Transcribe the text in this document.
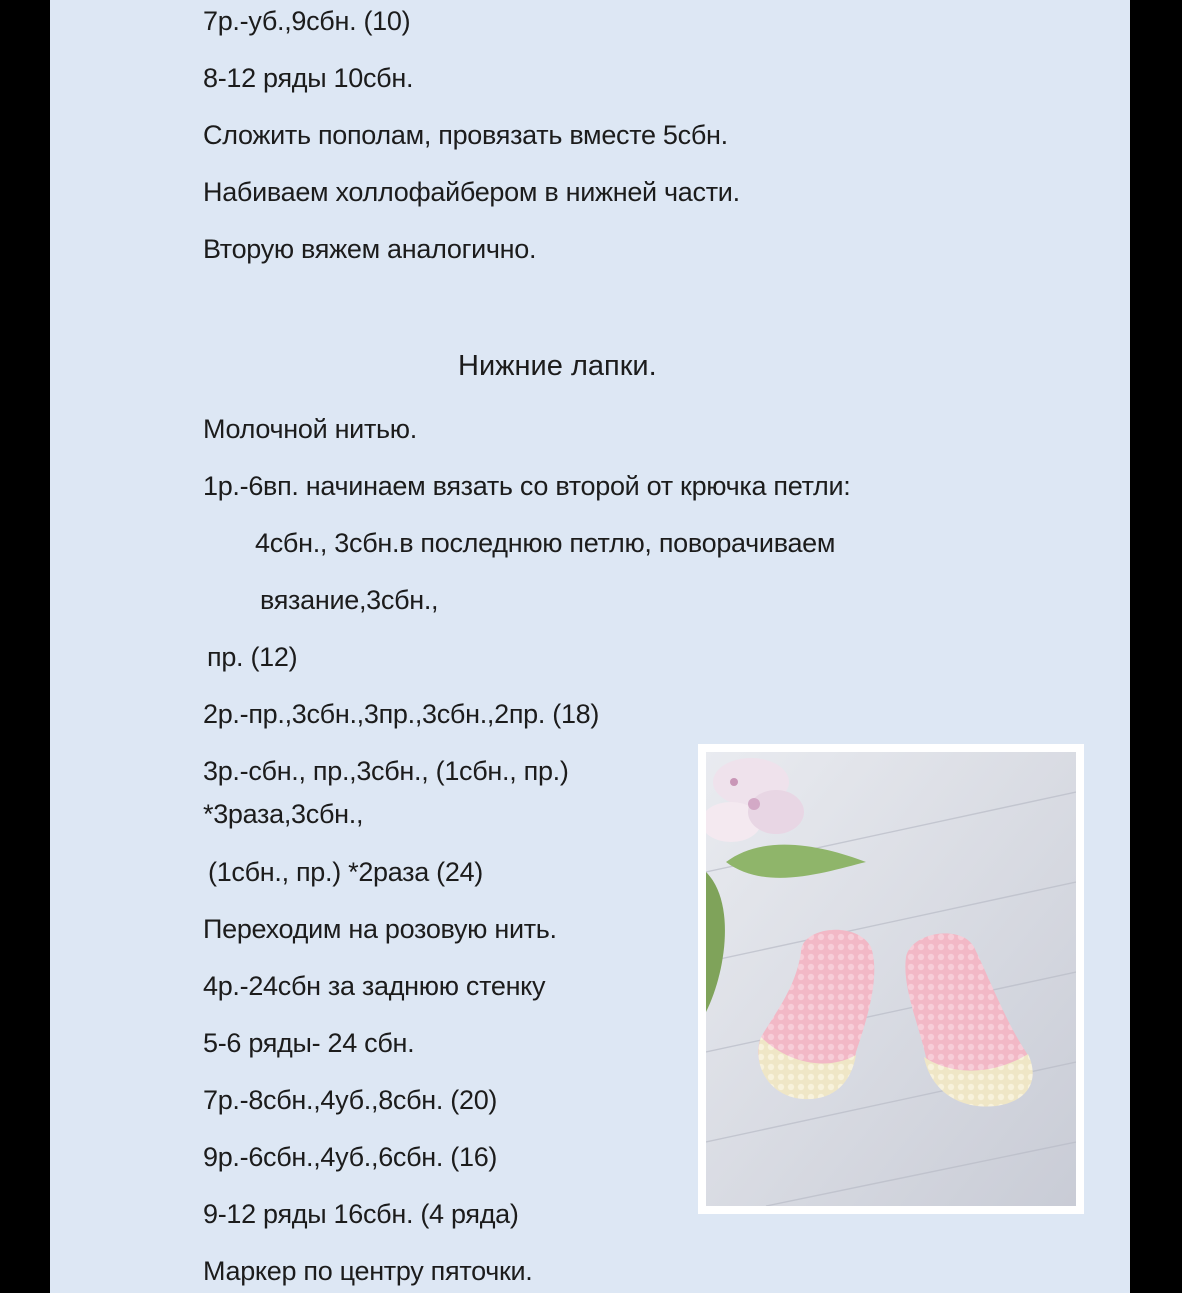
7р.-уб.,9сбн. (10)

8-12 ряды 10сбн.

Сложить пополам, провязать вместе 5сбн.

Набиваем холлофайбером в нижней части.

Вторую вяжем аналогично.

Нижние лапки.

Молочной нитью.

1р.-6вп. начинаем вязать со второй от крючка петли:

4сбн., 3сбн.в последнюю петлю, поворачиваем

вязание,3сбн.,

пр. (12)

2р.-пр.,3сбн.,3пр.,3сбн.,2пр. (18)

3р.-сбн., пр.,3сбн., (1сбн., пр.)

*3раза,3сбн.,

(1сбн., пр.) *2раза (24)

Переходим на розовую нить.

4р.-24сбн за заднюю стенку

5-6 ряды- 24 сбн.

7р.-8сбн.,4уб.,8сбн. (20)

9р.-6сбн.,4уб.,6сбн. (16)

9-12 ряды 16сбн. (4 ряда)

Маркер по центру пяточки.
